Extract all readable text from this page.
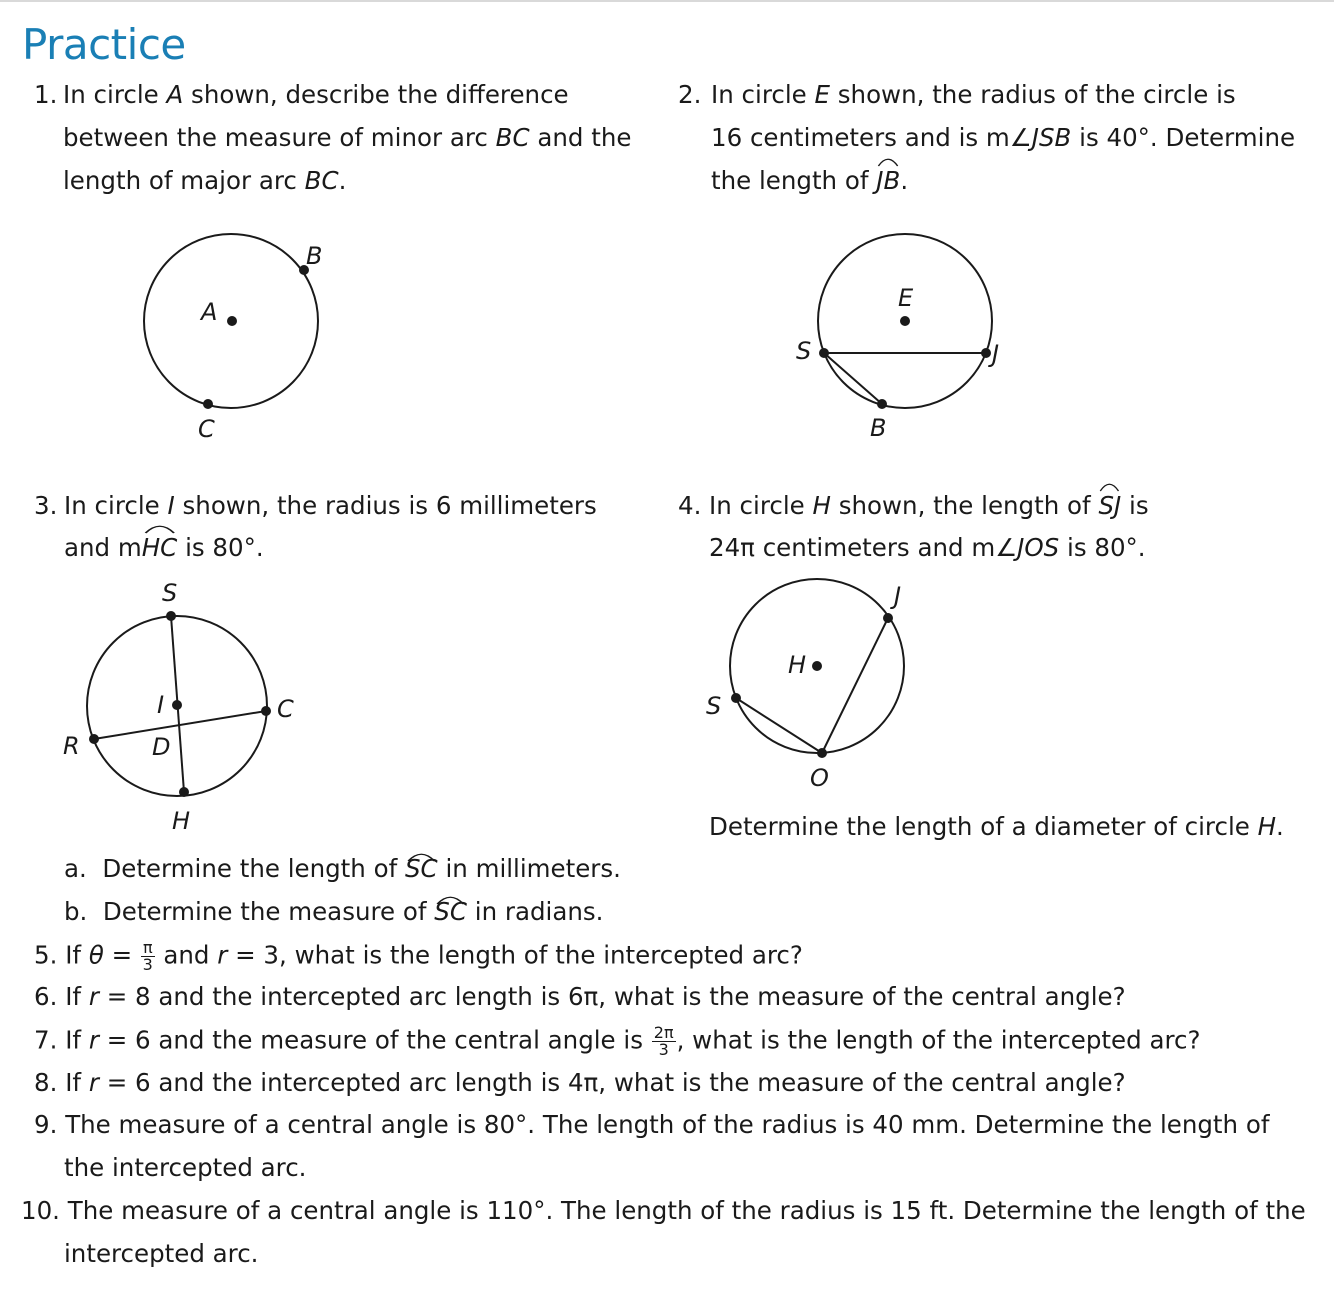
Practice
1. In circle A shown, describe the difference
between the measure of minor arc BC and the
length of major arc BC.
2. In circle E shown, the radius of the circle is
16 centimeters and is m∠JSB is 40°. Determine
the length of
JB.
A
B
C
E
S	J
B
3. In circle I shown, the radius is 6 millimeters
and m
HC is 80°.
4. In circle H shown, the length of
SJ is
24π centimeters and m∠JOS is 80°.
S
I	C
R	D
H
H
J
S
O
Determine the length of a diameter of circle H.
a. Determine the length of
SC in millimeters.
b. Determine the measure of
SC in radians.
5. If $\theta = \frac{\pi}{3}$ and r = 3, what is the length of the intercepted arc?
6. If r = 8 and the intercepted arc length is 6π, what is the measure of the central angle?
7. If r = 6 and the measure of the central angle is $\frac{2\pi}{3}$ , what is the length of the intercepted arc?
8. If r = 6 and the intercepted arc length is 4π, what is the measure of the central angle?
9. The measure of a central angle is 80°. The length of the radius is 40 mm. Determine the length of
the intercepted arc.
10. The measure of a central angle is 110°. The length of the radius is 15 ft. Determine the length of the
intercepted arc.
